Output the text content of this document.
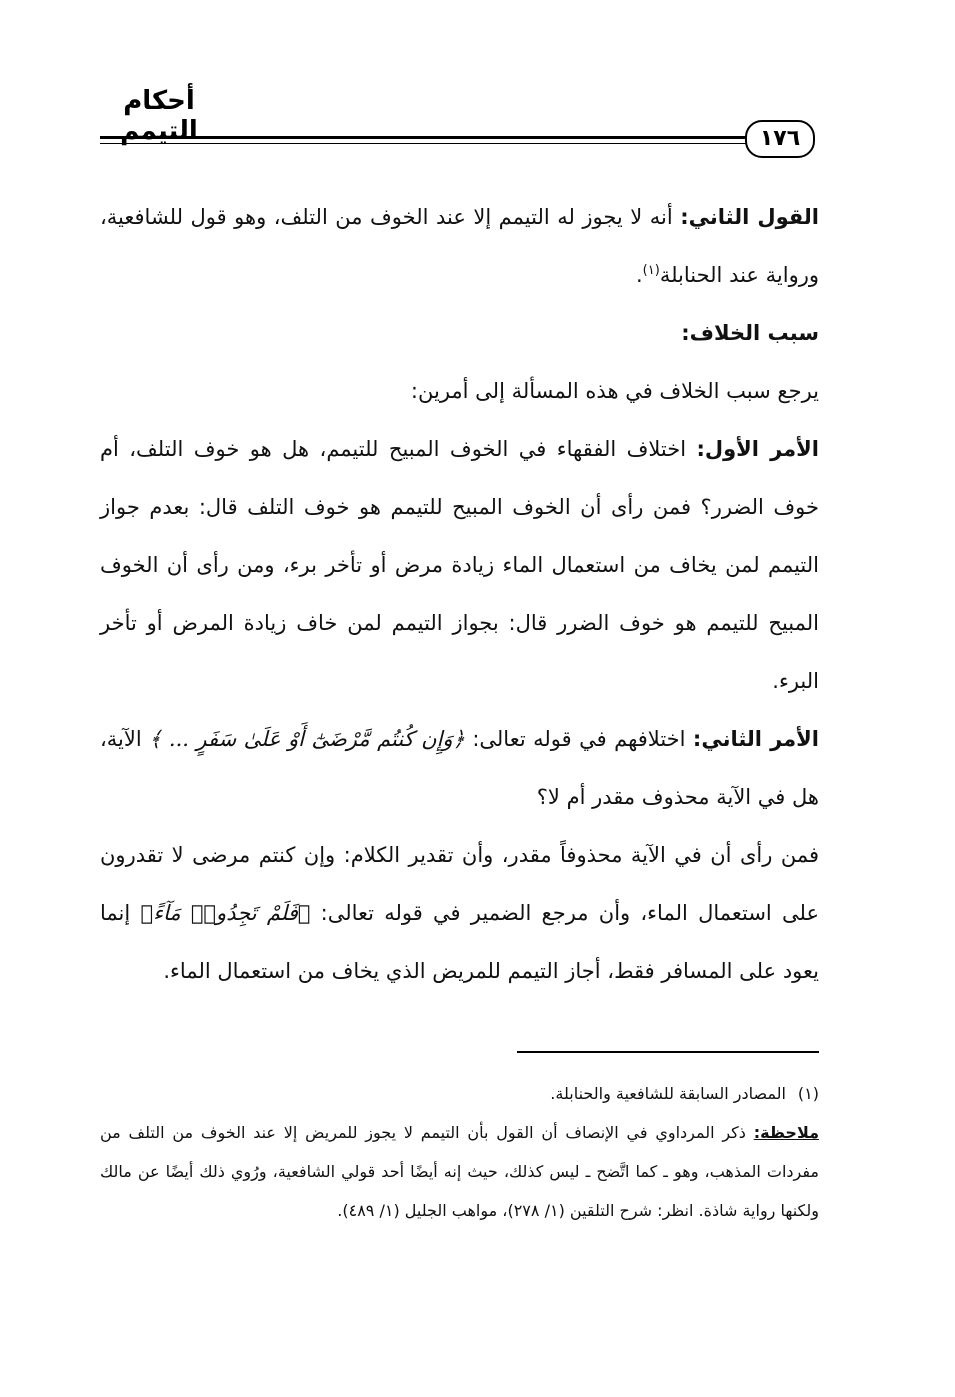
أحكام التيمم	١٧٦

القول الثاني: أنه لا يجوز له التيمم إلا عند الخوف من التلف، وهو قول للشافعية، ورواية عند الحنابلة$^{(١)}$.

سبب الخلاف:

يرجع سبب الخلاف في هذه المسألة إلى أمرين:

الأمر الأول: اختلاف الفقهاء في الخوف المبيح للتيمم، هل هو خوف التلف، أم خوف الضرر؟ فمن رأى أن الخوف المبيح للتيمم هو خوف التلف قال: بعدم جواز التيمم لمن يخاف من استعمال الماء زيادة مرض أو تأخر برء، ومن رأى أن الخوف المبيح للتيمم هو خوف الضرر قال: بجواز التيمم لمن خاف زيادة المرض أو تأخر البرء.

الأمر الثاني: اختلافهم في قوله تعالى: ﴿وَإِن كُنتُم مَّرْضَىٰٓ أَوْ عَلَىٰ سَفَرٍ ... ﴾ الآية، هل في الآية محذوف مقدر أم لا؟

فمن رأى أن في الآية محذوفاً مقدر، وأن تقدير الكلام: وإن كنتم مرضى لا تقدرون على استعمال الماء، وأن مرجع الضمير في قوله تعالى: ﴿فَلَمْ تَجِدُوا۟ مَآءً﴾ إنما يعود على المسافر فقط، أجاز التيمم للمريض الذي يخاف من استعمال الماء.

(١)المصادر السابقة للشافعية والحنابلة.

ملاحظة: ذكر المرداوي في الإنصاف أن القول بأن التيمم لا يجوز للمريض إلا عند الخوف من التلف من مفردات المذهب، وهو ـ كما اتَّضح ـ ليس كذلك، حيث إنه أيضًا أحد قولي الشافعية، ورُوي ذلك أيضًا عن مالك ولكنها رواية شاذة. انظر: شرح التلقين (١/ ٢٧٨)، مواهب الجليل (١/ ٤٨٩).
